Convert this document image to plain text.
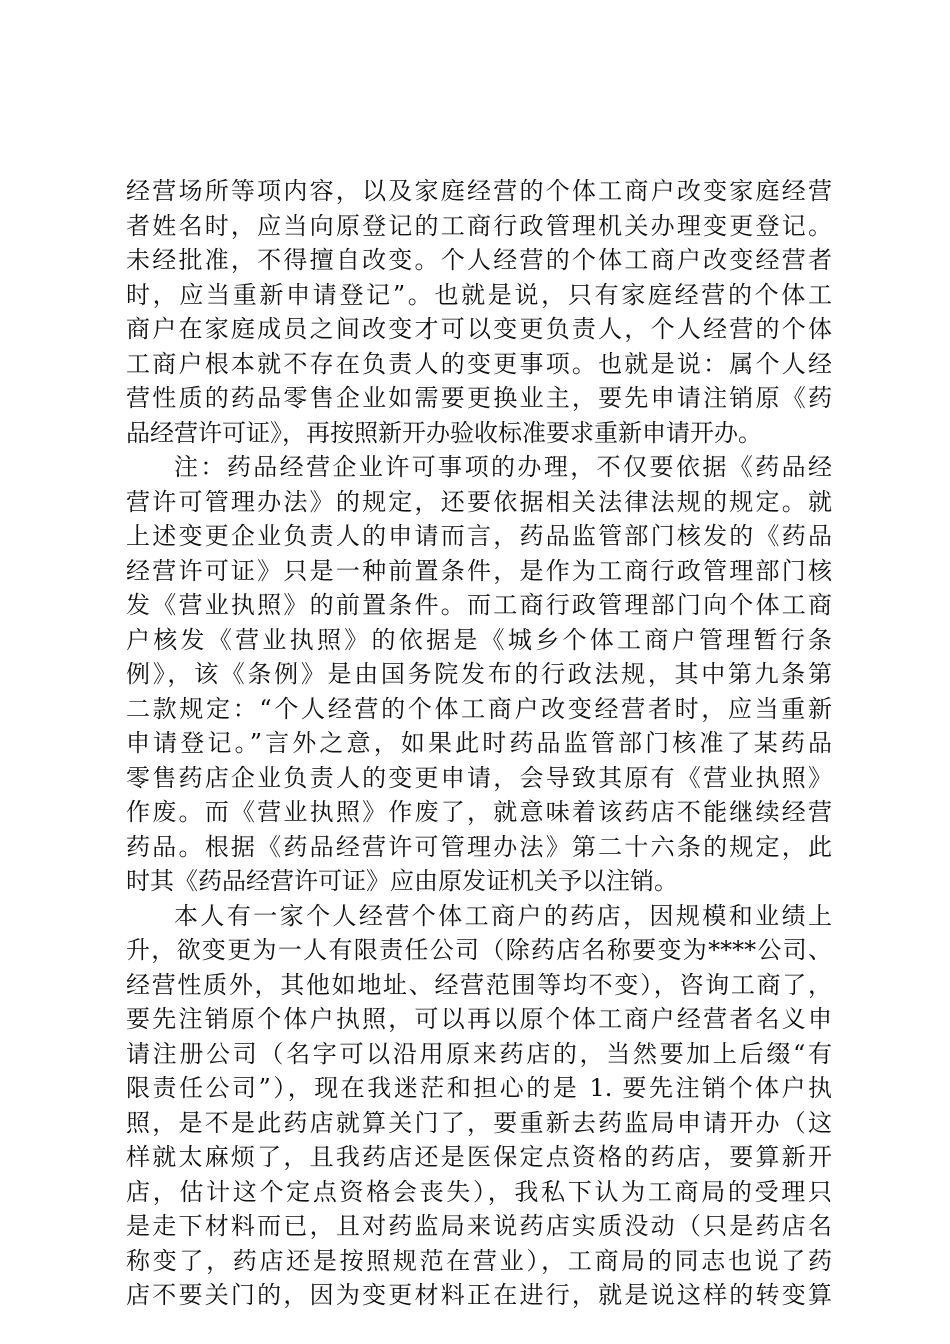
经营场所等项内容，以及家庭经营的个体工商户改变家庭经营
者姓名时，应当向原登记的工商行政管理机关办理变更登记。
未经批准，不得擅自改变。个人经营的个体工商户改变经营者
时，应当重新申请登记”。也就是说，只有家庭经营的个体工
商户在家庭成员之间改变才可以变更负责人，个人经营的个体
工商户根本就不存在负责人的变更事项。也就是说：属个人经
营性质的药品零售企业如需要更换业主，要先申请注销原《药
品经营许可证》，再按照新开办验收标准要求重新申请开办。
注：药品经营企业许可事项的办理，不仅要依据《药品经
营许可管理办法》的规定，还要依据相关法律法规的规定。就
上述变更企业负责人的申请而言，药品监管部门核发的《药品
经营许可证》只是一种前置条件，是作为工商行政管理部门核
发《营业执照》的前置条件。而工商行政管理部门向个体工商
户核发《营业执照》的依据是《城乡个体工商户管理暂行条
例》，该《条例》是由国务院发布的行政法规，其中第九条第
二款规定：“个人经营的个体工商户改变经营者时，应当重新
申请登记。”言外之意，如果此时药品监管部门核准了某药品
零售药店企业负责人的变更申请，会导致其原有《营业执照》
作废。而《营业执照》作废了，就意味着该药店不能继续经营
药品。根据《药品经营许可管理办法》第二十六条的规定，此
时其《药品经营许可证》应由原发证机关予以注销。
本人有一家个人经营个体工商户的药店，因规模和业绩上
升，欲变更为一人有限责任公司（除药店名称要变为****公司、
经营性质外，其他如地址、经营范围等均不变），咨询工商了，
要先注销原个体户执照，可以再以原个体工商户经营者名义申
请注册公司（名字可以沿用原来药店的，当然要加上后缀“有
限责任公司”），现在我迷茫和担心的是 1. 要先注销个体户执
照，是不是此药店就算关门了，要重新去药监局申请开办（这
样就太麻烦了，且我药店还是医保定点资格的药店，要算新开
店，估计这个定点资格会丧失），我私下认为工商局的受理只
是走下材料而已，且对药监局来说药店实质没动（只是药店名
称变了，药店还是按照规范在营业），工商局的同志也说了药
店不要关门的，因为变更材料正在进行，就是说这样的转变算
